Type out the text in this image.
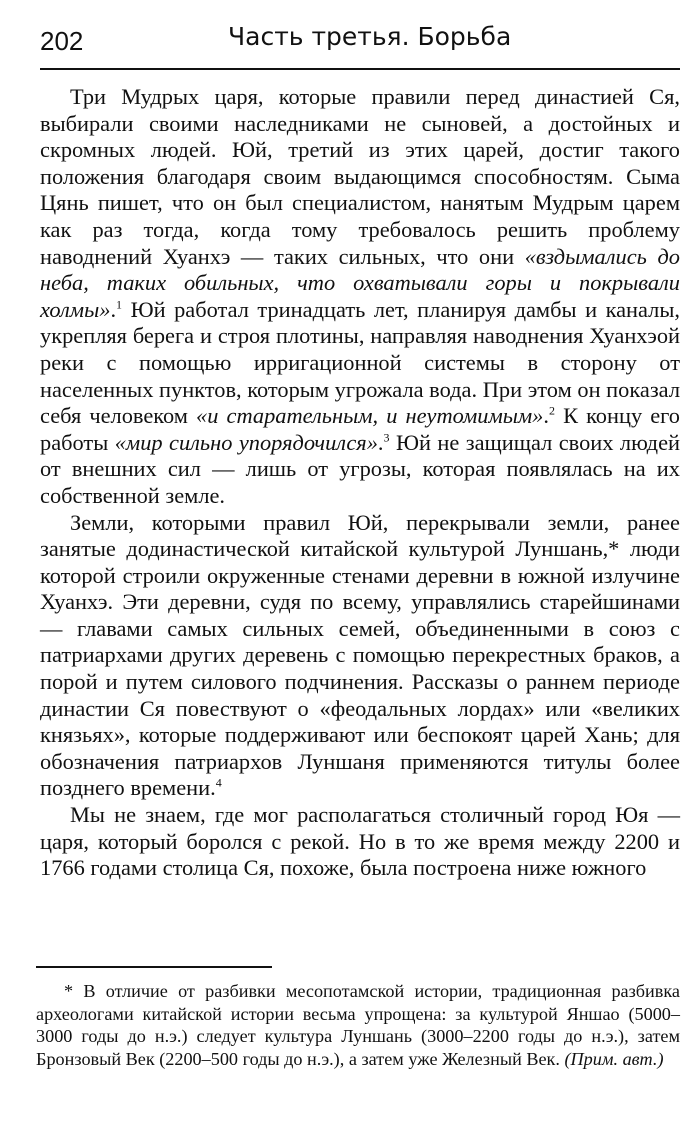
202	Часть третья. Борьба

Три Мудрых царя, которые правили перед династией Ся, выбирали своими наследниками не сыновей, а достойных и скромных людей. Юй, третий из этих царей, достиг такого положения благодаря своим выдающимся способностям. Сыма Цянь пишет, что он был специалистом, нанятым Мудрым царем как раз тогда, когда тому требовалось решить проблему наводнений Хуанхэ — таких сильных, что они «вздымались до неба, таких обильных, что охватывали горы и покрывали холмы».$^1$ Юй работал тринадцать лет, планируя дамбы и каналы, укрепляя берега и строя плотины, направляя наводнения Хуанхэой реки с помощью ирригационной системы в сторону от населенных пунктов, которым угрожала вода. При этом он показал себя человеком «и старательным, и неутомимым».$^2$ К концу его работы «мир сильно упорядочился».$^3$ Юй не защищал своих людей от внешних сил — лишь от угрозы, которая появлялась на их собственной земле.

Земли, которыми правил Юй, перекрывали земли, ранее занятые додинастической китайской культурой Луншань,* люди которой строили окруженные стенами деревни в южной излучине Хуанхэ. Эти деревни, судя по всему, управлялись старейшинами — главами самых сильных семей, объединенными в союз с патриархами других деревень с помощью перекрестных браков, а порой и путем силового подчинения. Рассказы о раннем периоде династии Ся повествуют о «феодальных лордах» или «великих князьях», которые поддерживают или беспокоят царей Хань; для обозначения патриархов Луншаня применяются титулы более позднего времени.$^4$

Мы не знаем, где мог располагаться столичный город Юя — царя, который боролся с рекой. Но в то же время между 2200 и 1766 годами столица Ся, похоже, была построена ниже южного

* В отличие от разбивки месопотамской истории, традиционная разбивка археологами китайской истории весьма упрощена: за культурой Яншао (5000–3000 годы до н.э.) следует культура Луншань (3000–2200 годы до н.э.), затем Бронзовый Век (2200–500 годы до н.э.), а затем уже Железный Век. (Прим. авт.)
